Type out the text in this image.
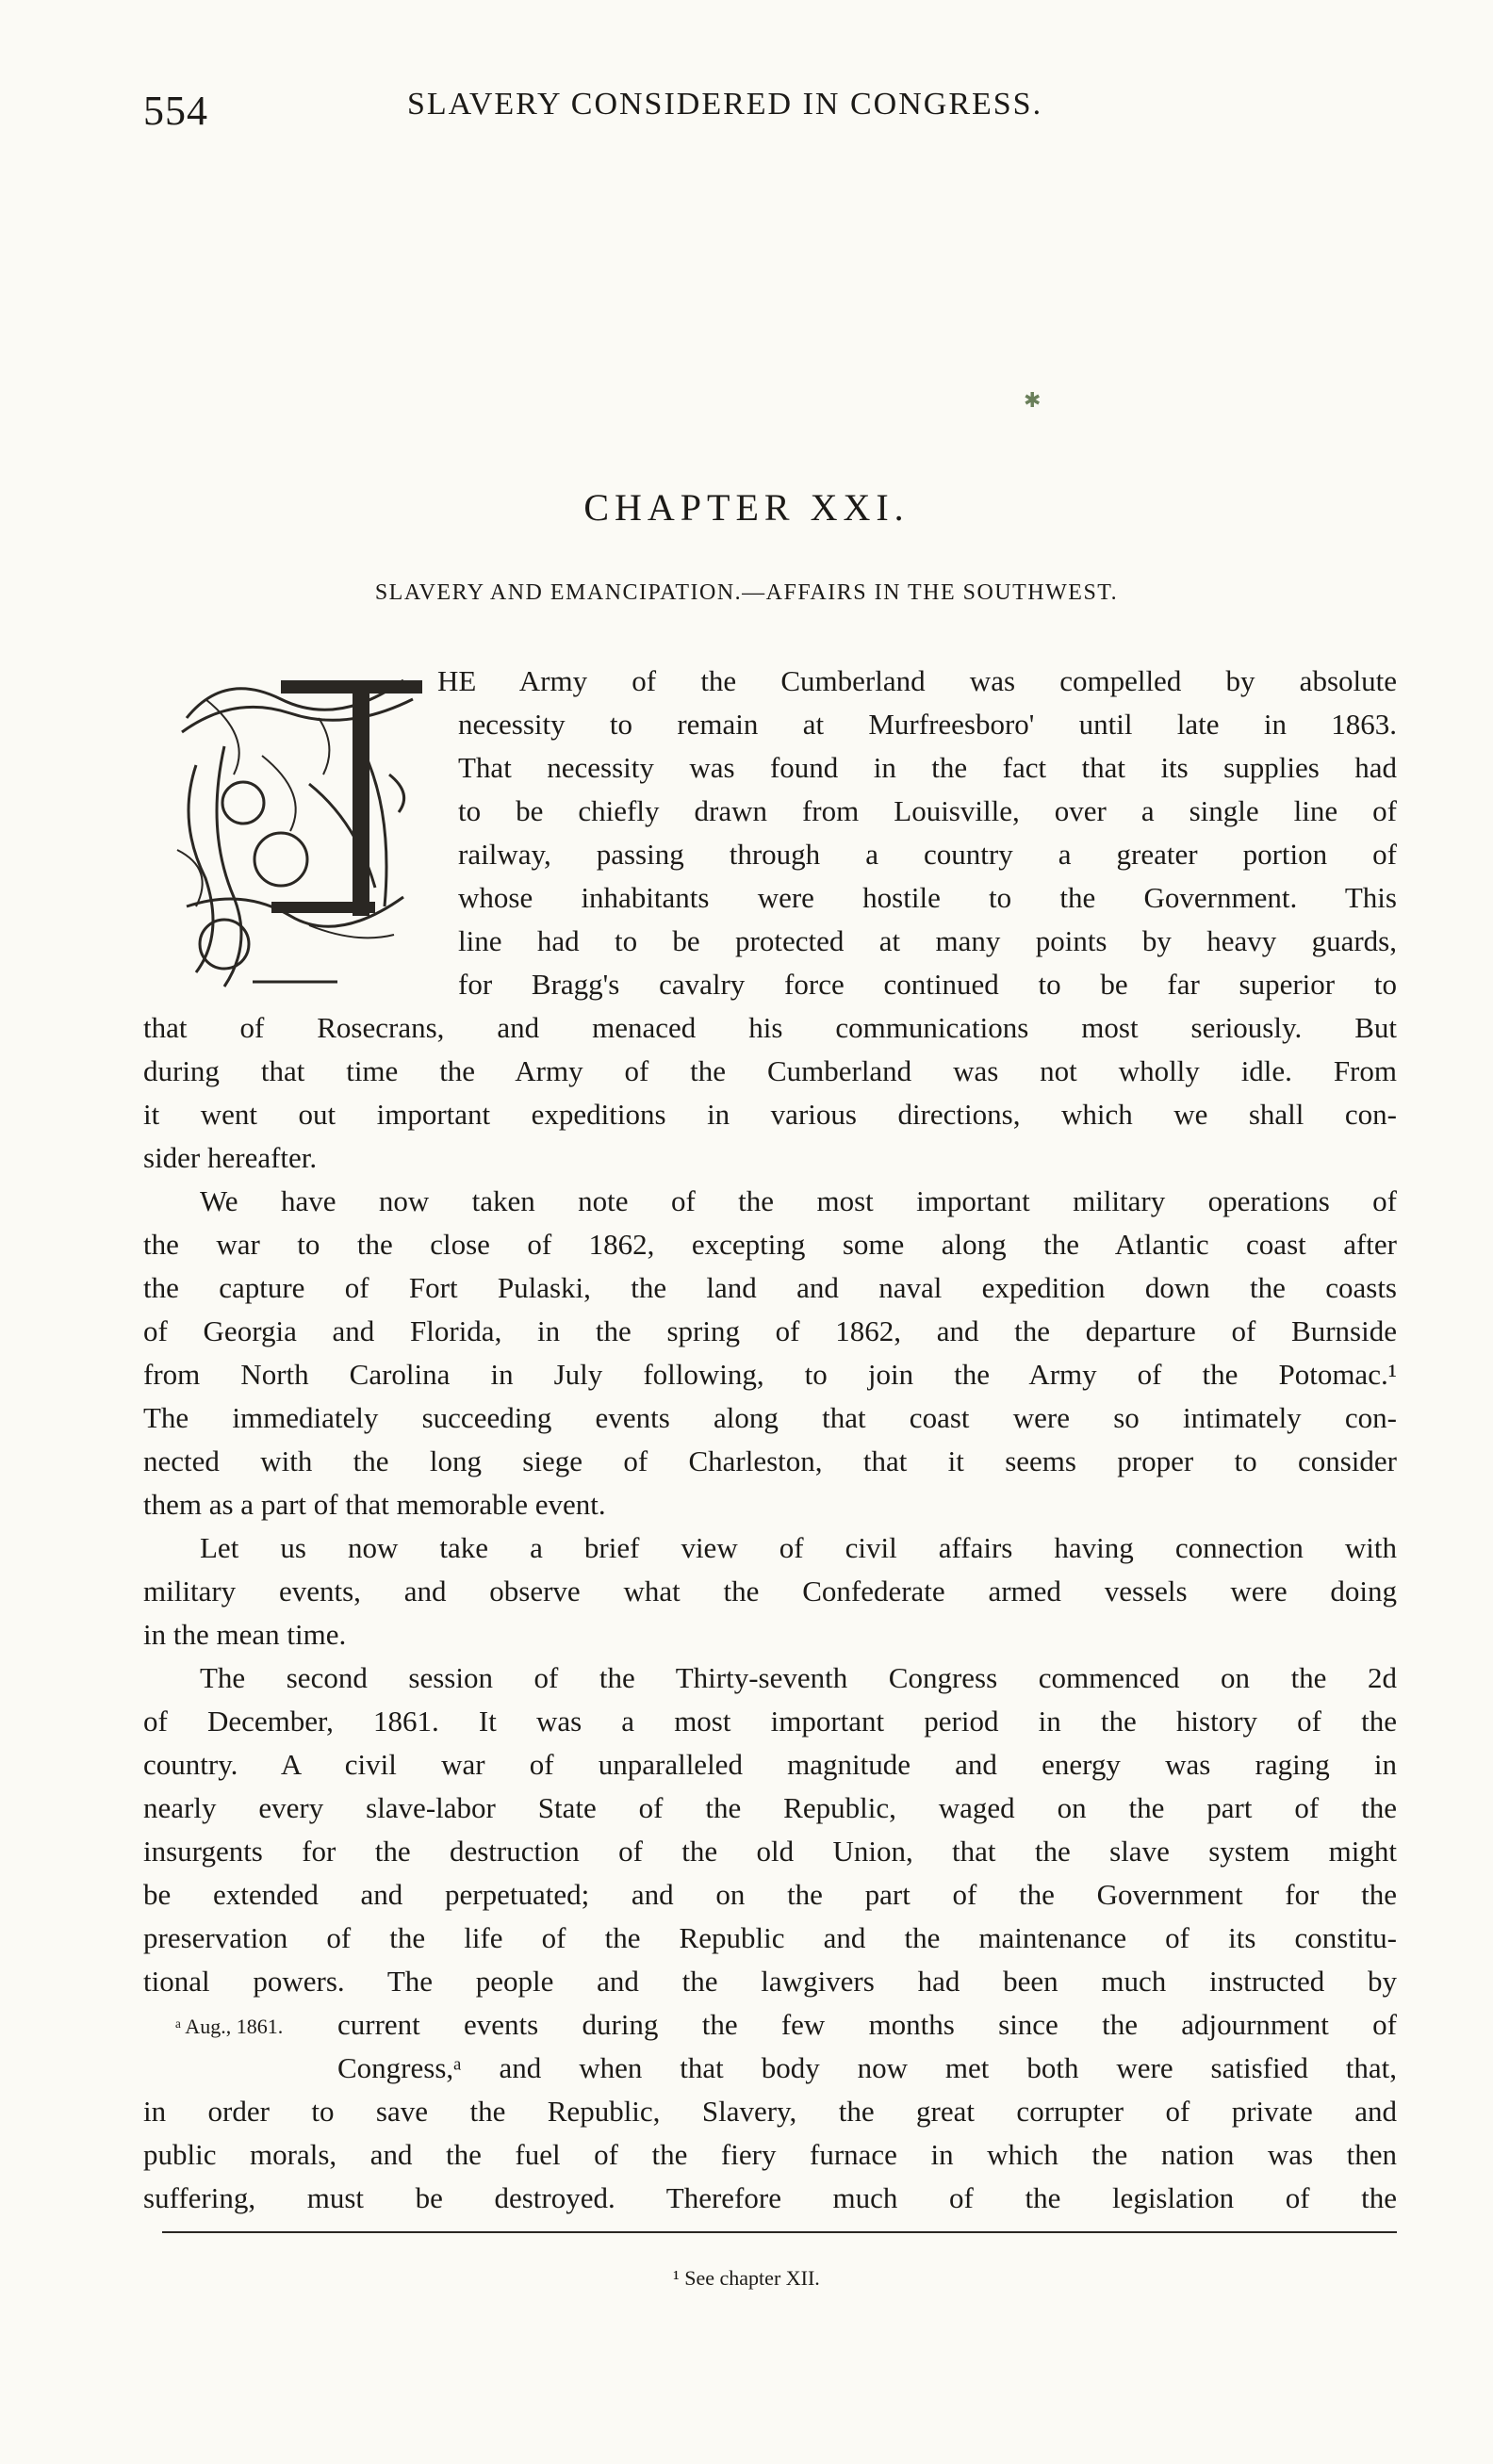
554	SLAVERY CONSIDERED IN CONGRESS.
✱
CHAPTER XXI.
SLAVERY AND EMANCIPATION.—AFFAIRS IN THE SOUTHWEST.
T
HE Army of the Cumberland was compelled by absolute
necessity to remain at Murfreesboro' until late in 1863.
That necessity was found in the fact that its supplies had
to be chiefly drawn from Louisville, over a single line of
railway, passing through a country a greater portion of
whose inhabitants were hostile to the Government. This
line had to be protected at many points by heavy guards,
for Bragg's cavalry force continued to be far superior to
that of Rosecrans, and menaced his communications most seriously. But
during that time the Army of the Cumberland was not wholly idle. From
it went out important expeditions in various directions, which we shall con-
sider hereafter.
We have now taken note of the most important military operations of
the war to the close of 1862, excepting some along the Atlantic coast after
the capture of Fort Pulaski, the land and naval expedition down the coasts
of Georgia and Florida, in the spring of 1862, and the departure of Burnside
from North Carolina in July following, to join the Army of the Potomac.¹
The immediately succeeding events along that coast were so intimately con-
nected with the long siege of Charleston, that it seems proper to consider
them as a part of that memorable event.
Let us now take a brief view of civil affairs having connection with
military events, and observe what the Confederate armed vessels were doing
in the mean time.
The second session of the Thirty-seventh Congress commenced on the 2d
of December, 1861. It was a most important period in the history of the
country. A civil war of unparalleled magnitude and energy was raging in
nearly every slave-labor State of the Republic, waged on the part of the
insurgents for the destruction of the old Union, that the slave system might
be extended and perpetuated; and on the part of the Government for the
preservation of the life of the Republic and the maintenance of its constitu-
tional powers. The people and the lawgivers had been much instructed by
current events during the few months since the adjournment of
Congress,ᵃ and when that body now met both were satisfied that,
in order to save the Republic, Slavery, the great corrupter of private and
public morals, and the fuel of the fiery furnace in which the nation was then
suffering, must be destroyed. Therefore much of the legislation of the
ᵃ Aug., 1861.
¹ See chapter XII.
